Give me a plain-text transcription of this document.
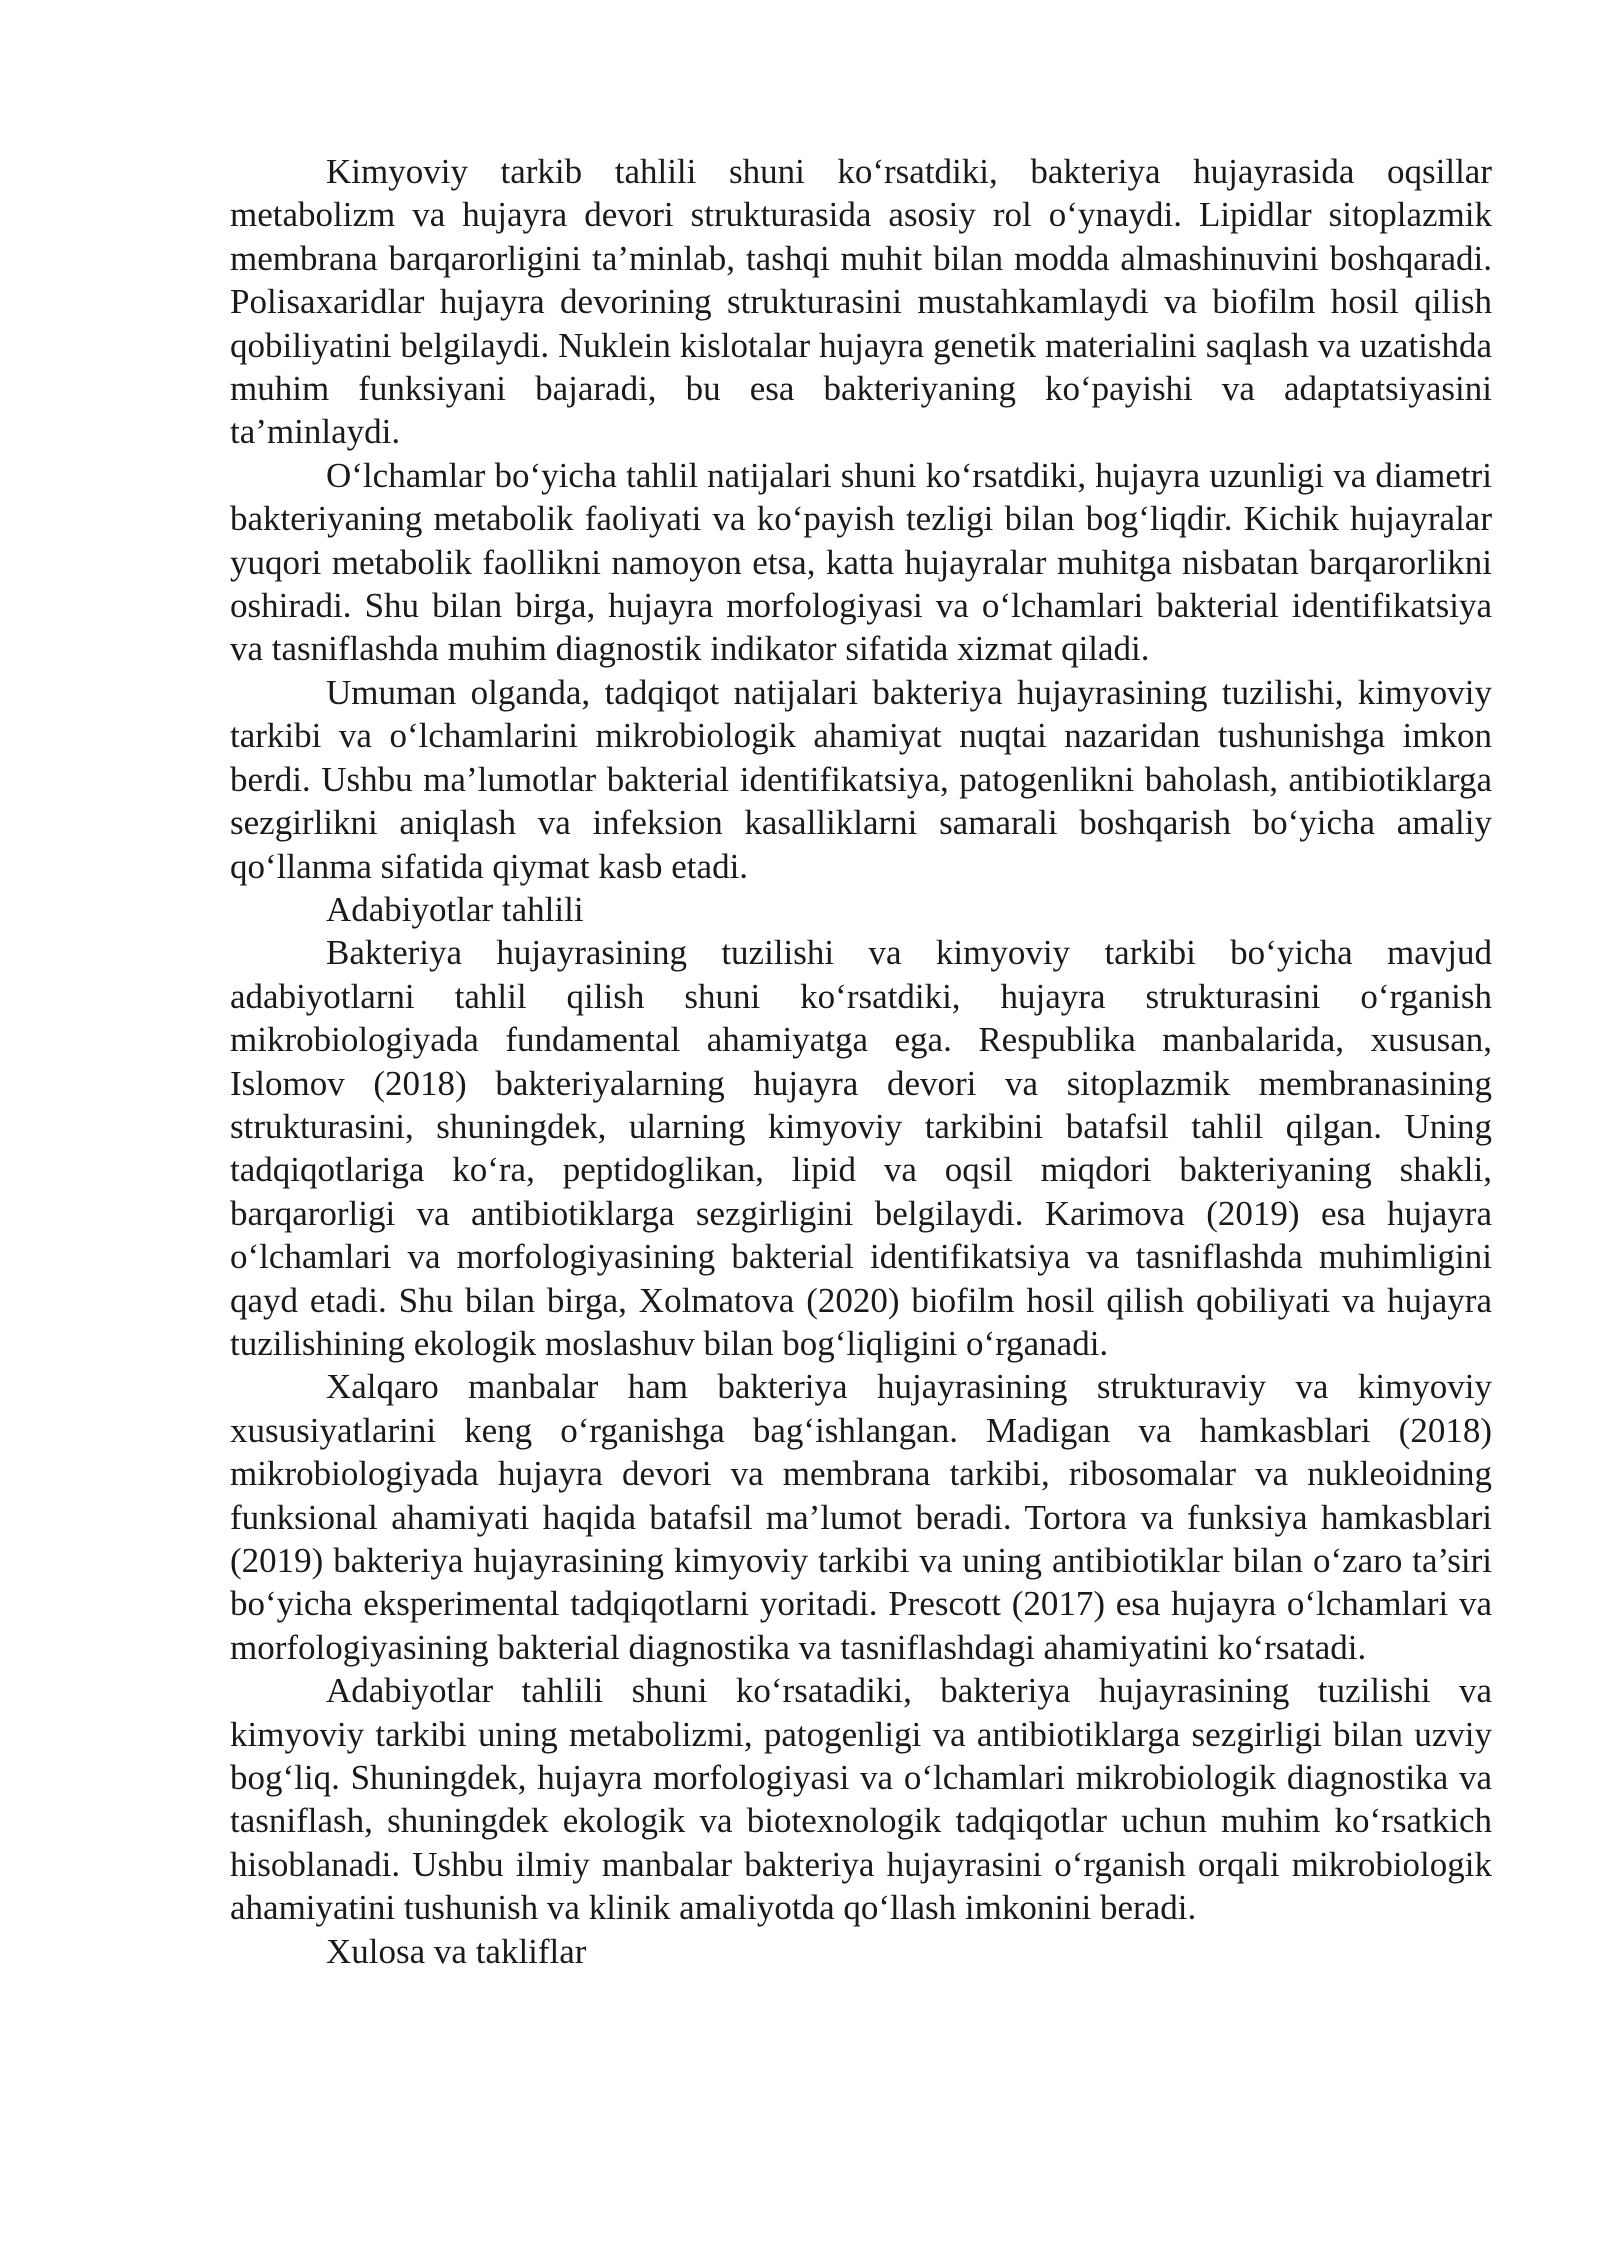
Kimyoviy tarkib tahlili shuni ko‘rsatdiki, bakteriya hujayrasida oqsillar metabolizm va hujayra devori strukturasida asosiy rol o‘ynaydi. Lipidlar sitoplazmik membrana barqarorligini ta’minlab, tashqi muhit bilan modda almashinuvini boshqaradi. Polisaxaridlar hujayra devorining strukturasini mustahkamlaydi va biofilm hosil qilish qobiliyatini belgilaydi. Nuklein kislotalar hujayra genetik materialini saqlash va uzatishda muhim funksiyani bajaradi, bu esa bakteriyaning ko‘payishi va adaptatsiyasini ta’minlaydi.

O‘lchamlar bo‘yicha tahlil natijalari shuni ko‘rsatdiki, hujayra uzunligi va diametri bakteriyaning metabolik faoliyati va ko‘payish tezligi bilan bog‘liqdir. Kichik hujayralar yuqori metabolik faollikni namoyon etsa, katta hujayralar muhitga nisbatan barqarorlikni oshiradi. Shu bilan birga, hujayra morfologiyasi va o‘lchamlari bakterial identifikatsiya va tasniflashda muhim diagnostik indikator sifatida xizmat qiladi.

Umuman olganda, tadqiqot natijalari bakteriya hujayrasining tuzilishi, kimyoviy tarkibi va o‘lchamlarini mikrobiologik ahamiyat nuqtai nazaridan tushunishga imkon berdi. Ushbu ma’lumotlar bakterial identifikatsiya, patogenlikni baholash, antibiotiklarga sezgirlikni aniqlash va infeksion kasalliklarni samarali boshqarish bo‘yicha amaliy qo‘llanma sifatida qiymat kasb etadi.

Adabiyotlar tahlili

Bakteriya hujayrasining tuzilishi va kimyoviy tarkibi bo‘yicha mavjud adabiyotlarni tahlil qilish shuni ko‘rsatdiki, hujayra strukturasini o‘rganish mikrobiologiyada fundamental ahamiyatga ega. Respublika manbalarida, xususan, Islomov (2018) bakteriyalarning hujayra devori va sitoplazmik membranasining strukturasini, shuningdek, ularning kimyoviy tarkibini batafsil tahlil qilgan. Uning tadqiqotlariga ko‘ra, peptidoglikan, lipid va oqsil miqdori bakteriyaning shakli, barqarorligi va antibiotiklarga sezgirligini belgilaydi. Karimova (2019) esa hujayra o‘lchamlari va morfologiyasining bakterial identifikatsiya va tasniflashda muhimligini qayd etadi. Shu bilan birga, Xolmatova (2020) biofilm hosil qilish qobiliyati va hujayra tuzilishining ekologik moslashuv bilan bog‘liqligini o‘rganadi.

Xalqaro manbalar ham bakteriya hujayrasining strukturaviy va kimyoviy xususiyatlarini keng o‘rganishga bag‘ishlangan. Madigan va hamkasblari (2018) mikrobiologiyada hujayra devori va membrana tarkibi, ribosomalar va nukleoidning funksional ahamiyati haqida batafsil ma’lumot beradi. Tortora va funksiya hamkasblari (2019) bakteriya hujayrasining kimyoviy tarkibi va uning antibiotiklar bilan o‘zaro ta’siri bo‘yicha eksperimental tadqiqotlarni yoritadi. Prescott (2017) esa hujayra o‘lchamlari va morfologiyasining bakterial diagnostika va tasniflashdagi ahamiyatini ko‘rsatadi.

Adabiyotlar tahlili shuni ko‘rsatadiki, bakteriya hujayrasining tuzilishi va kimyoviy tarkibi uning metabolizmi, patogenligi va antibiotiklarga sezgirligi bilan uzviy bog‘liq. Shuningdek, hujayra morfologiyasi va o‘lchamlari mikrobiologik diagnostika va tasniflash, shuningdek ekologik va biotexnologik tadqiqotlar uchun muhim ko‘rsatkich hisoblanadi. Ushbu ilmiy manbalar bakteriya hujayrasini o‘rganish orqali mikrobiologik ahamiyatini tushunish va klinik amaliyotda qo‘llash imkonini beradi.

Xulosa va takliflar
